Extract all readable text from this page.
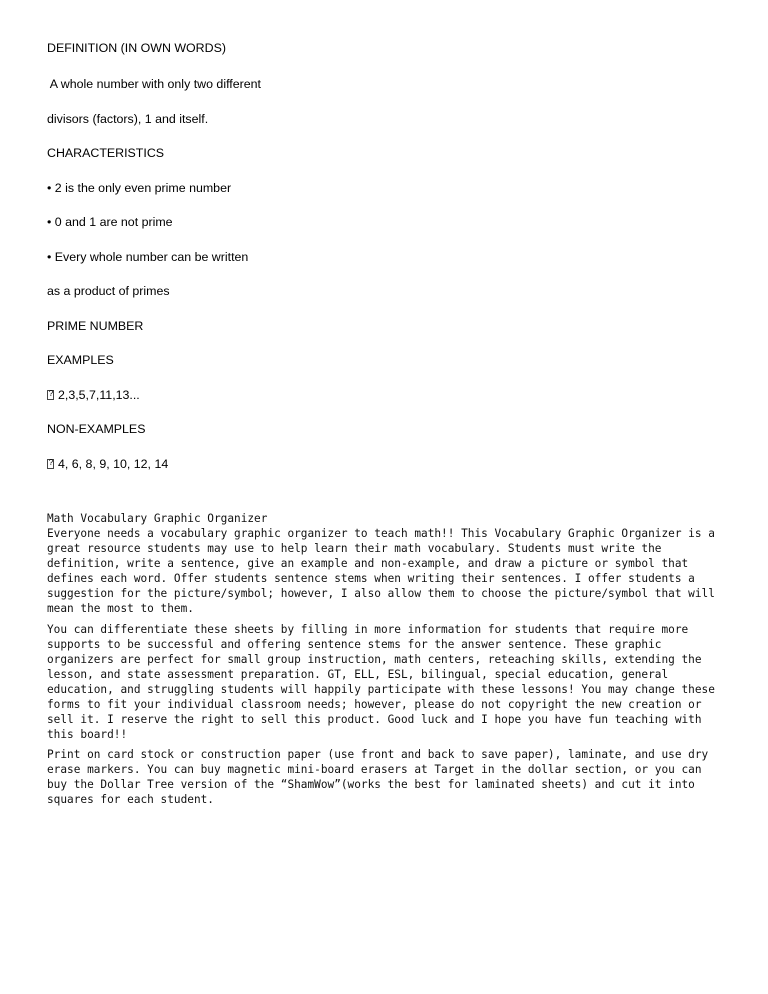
DEFINITION (IN OWN WORDS)
A whole number with only two different
divisors (factors), 1 and itself.
CHARACTERISTICS
• 2 is the only even prime number
• 0 and 1 are not prime
• Every whole number can be written
as a product of primes
PRIME NUMBER
EXAMPLES
?2,3,5,7,11,13...
NON-EXAMPLES
?4, 6, 8, 9, 10, 12, 14

Math Vocabulary Graphic Organizer

Everyone needs a vocabulary graphic organizer to teach math!! This Vocabulary Graphic Organizer is a great resource students may use to help learn their math vocabulary. Students must write the definition, write a sentence, give an example and non-example, and draw a picture or symbol that defines each word. Offer students sentence stems when writing their sentences. I offer students a suggestion for the picture/symbol; however, I also allow them to choose the picture/symbol that will mean the most to them.

You can differentiate these sheets by filling in more information for students that require more supports to be successful and offering sentence stems for the answer sentence. These graphic organizers are perfect for small group instruction, math centers, reteaching skills, extending the lesson, and state assessment preparation. GT, ELL, ESL, bilingual, special education, general education, and struggling students will happily participate with these lessons! You may change these forms to fit your individual classroom needs; however, please do not copyright the new creation or sell it. I reserve the right to sell this product. Good luck and I hope you have fun teaching with this board!!
Print on card stock or construction paper (use front and back to save paper), laminate, and use dry erase markers. You can buy magnetic mini-board erasers at Target in the dollar section, or you can buy the Dollar Tree version of the “ShamWow”(works the best for laminated sheets) and cut it into squares for each student.
